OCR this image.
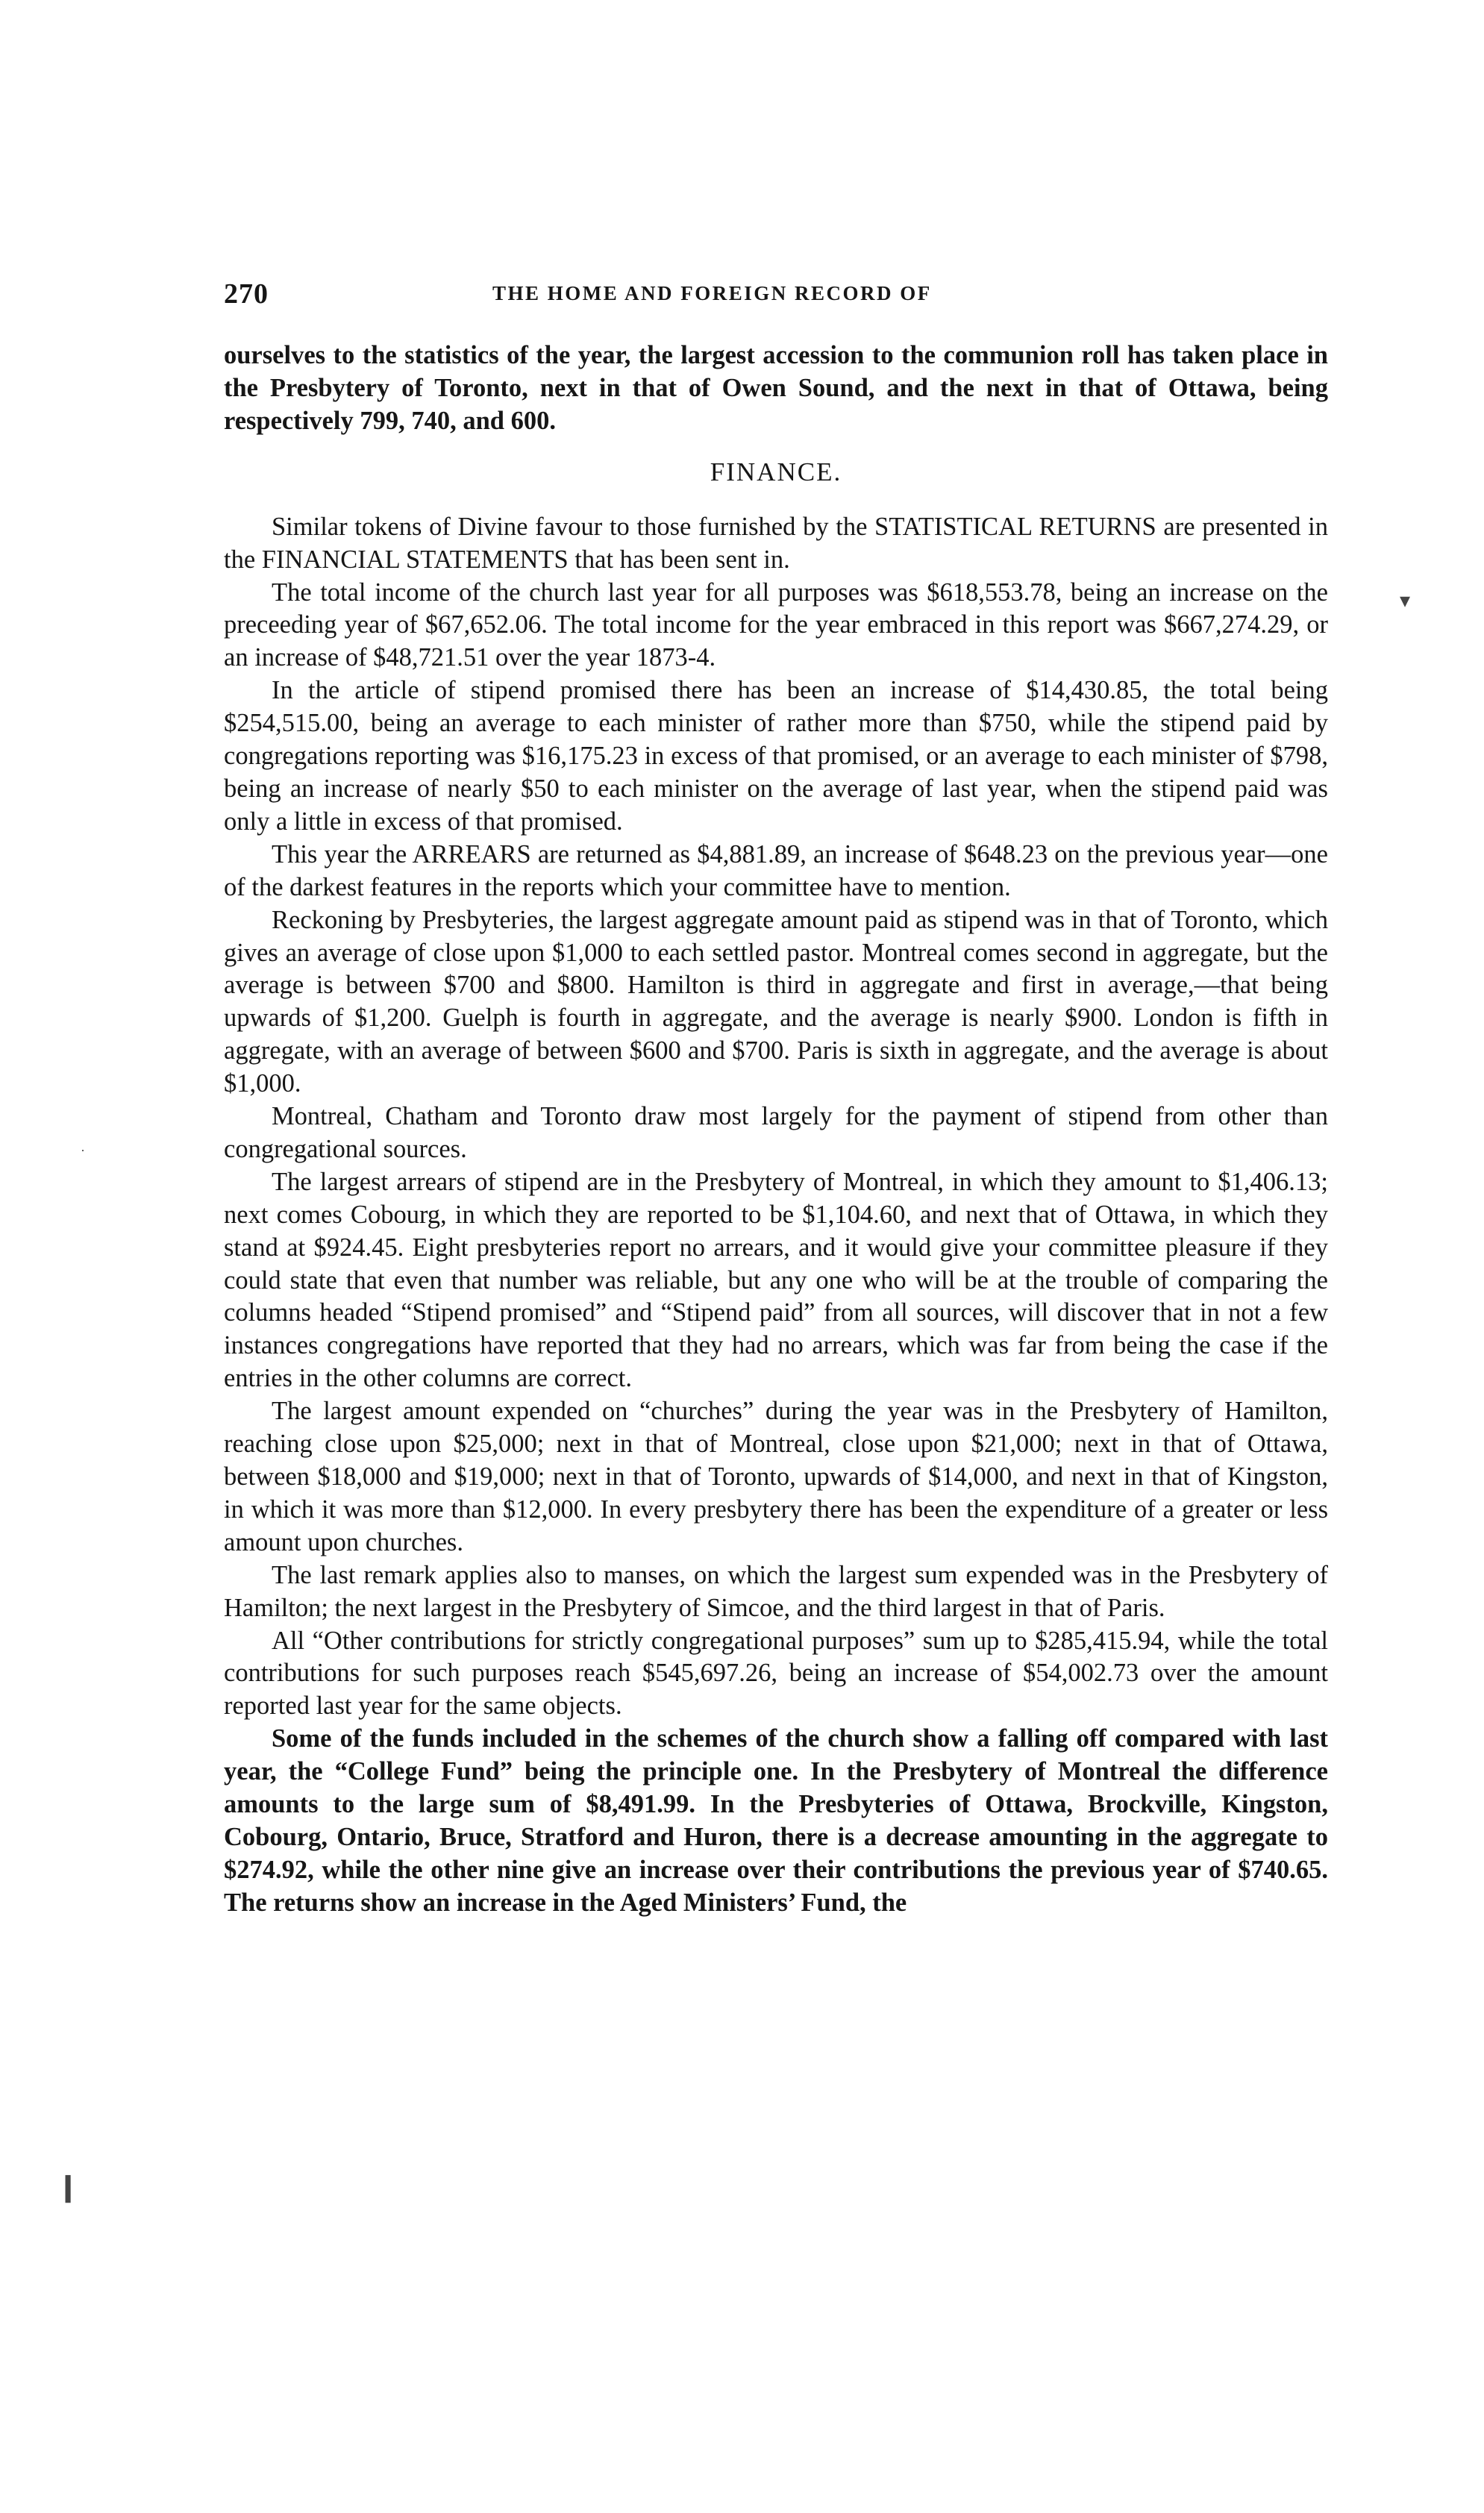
270	THE HOME AND FOREIGN RECORD OF

ourselves to the statistics of the year, the largest accession to the communion roll has taken place in the Presbytery of Toronto, next in that of Owen Sound, and the next in that of Ottawa, being respectively 799, 740, and 600.

FINANCE.

Similar tokens of Divine favour to those furnished by the STATISTICAL RETURNS are presented in the FINANCIAL STATEMENTS that has been sent in.

The total income of the church last year for all purposes was $618,553.78, being an increase on the preceeding year of $67,652.06. The total income for the year embraced in this report was $667,274.29, or an increase of $48,721.51 over the year 1873-4.

In the article of stipend promised there has been an increase of $14,430.85, the total being $254,515.00, being an average to each minister of rather more than $750, while the stipend paid by congregations reporting was $16,175.23 in excess of that promised, or an average to each minister of $798, being an increase of nearly $50 to each minister on the average of last year, when the stipend paid was only a little in excess of that promised.

This year the ARREARS are returned as $4,881.89, an increase of $648.23 on the previous year—one of the darkest features in the reports which your committee have to mention.

Reckoning by Presbyteries, the largest aggregate amount paid as stipend was in that of Toronto, which gives an average of close upon $1,000 to each settled pastor. Montreal comes second in aggregate, but the average is between $700 and $800. Hamilton is third in aggregate and first in average,—that being upwards of $1,200. Guelph is fourth in aggregate, and the average is nearly $900. London is fifth in aggregate, with an average of between $600 and $700. Paris is sixth in aggregate, and the average is about $1,000.

Montreal, Chatham and Toronto draw most largely for the payment of stipend from other than congregational sources.

The largest arrears of stipend are in the Presbytery of Montreal, in which they amount to $1,406.13; next comes Cobourg, in which they are reported to be $1,104.60, and next that of Ottawa, in which they stand at $924.45. Eight presbyteries report no arrears, and it would give your committee pleasure if they could state that even that number was reliable, but any one who will be at the trouble of comparing the columns headed “Stipend promised” and “Stipend paid” from all sources, will discover that in not a few instances congregations have reported that they had no arrears, which was far from being the case if the entries in the other columns are correct.

The largest amount expended on “churches” during the year was in the Presbytery of Hamilton, reaching close upon $25,000; next in that of Montreal, close upon $21,000; next in that of Ottawa, between $18,000 and $19,000; next in that of Toronto, upwards of $14,000, and next in that of Kingston, in which it was more than $12,000. In every presbytery there has been the expenditure of a greater or less amount upon churches.

The last remark applies also to manses, on which the largest sum expended was in the Presbytery of Hamilton; the next largest in the Presbytery of Simcoe, and the third largest in that of Paris.

All “Other contributions for strictly congregational purposes” sum up to $285,415.94, while the total contributions for such purposes reach $545,697.26, being an increase of $54,002.73 over the amount reported last year for the same objects.

Some of the funds included in the schemes of the church show a falling off compared with last year, the “College Fund” being the principle one. In the Presbytery of Montreal the difference amounts to the large sum of $8,491.99. In the Presbyteries of Ottawa, Brockville, Kingston, Cobourg, Ontario, Bruce, Stratford and Huron, there is a decrease amounting in the aggregate to $274.92, while the other nine give an increase over their contributions the previous year of $740.65. The returns show an increase in the Aged Ministers’ Fund, the

▾
·
❙
